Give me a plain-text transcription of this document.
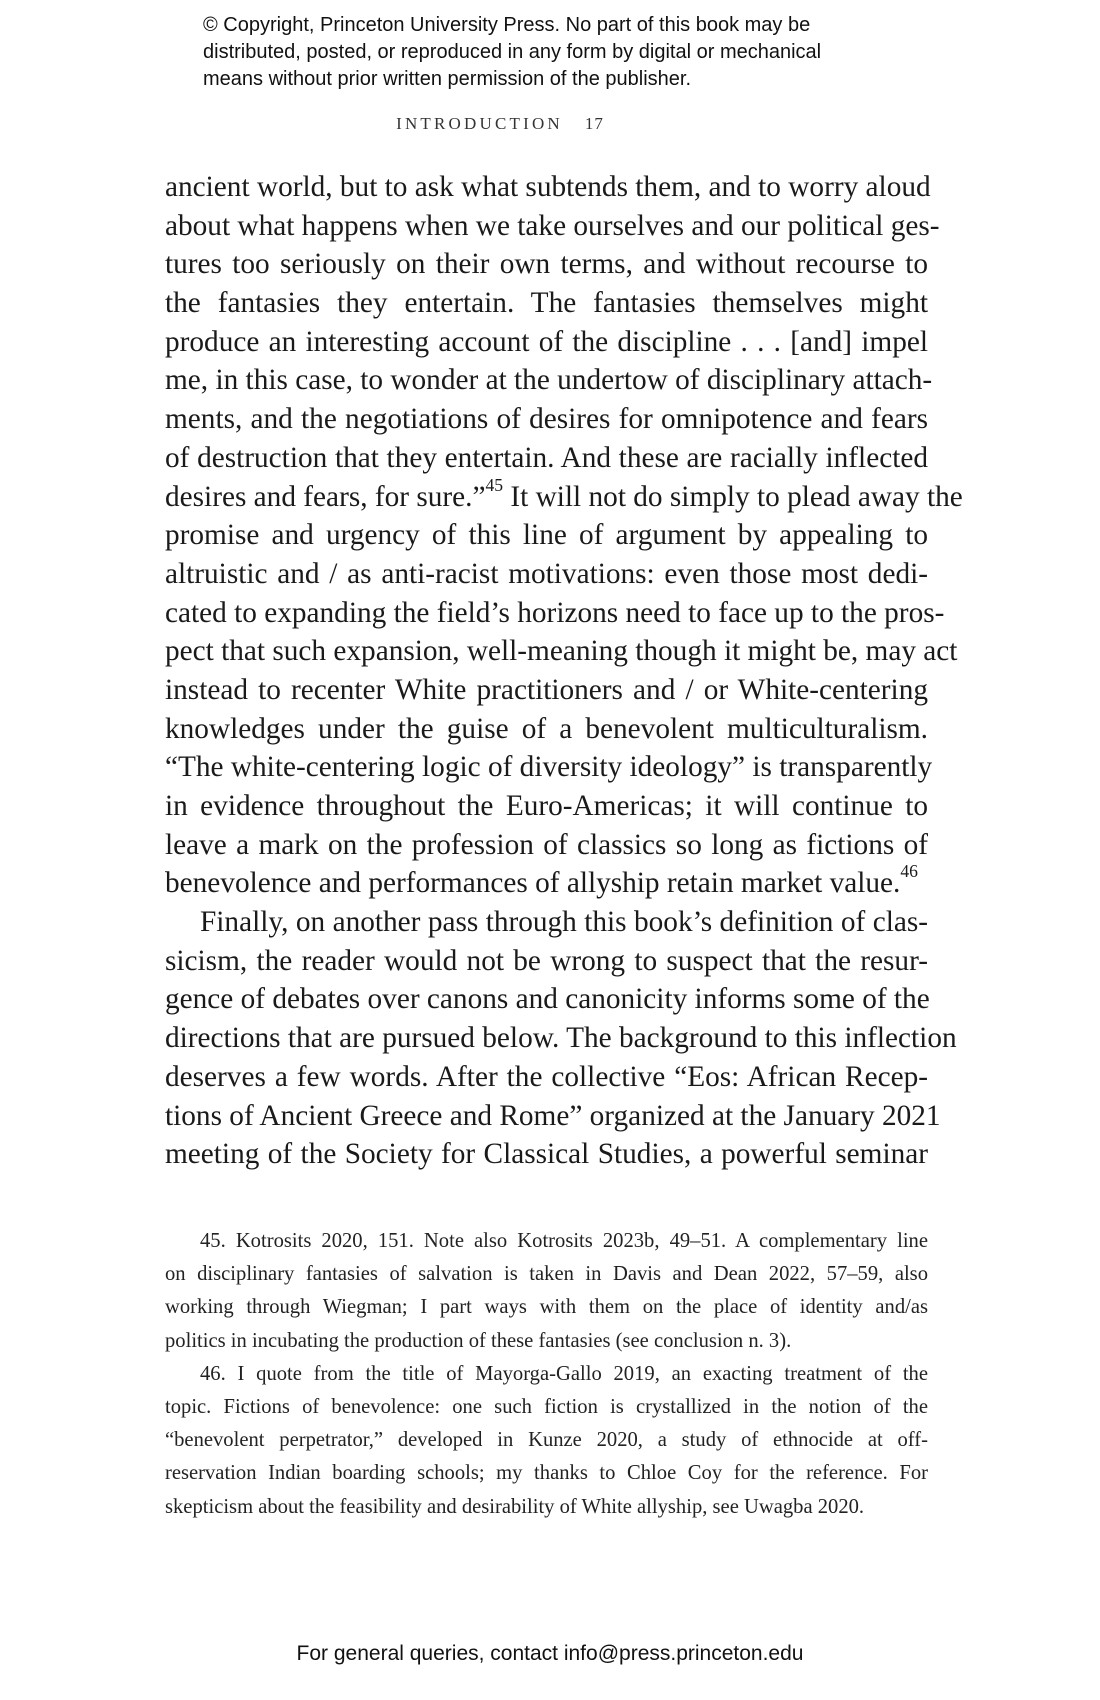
© Copyright, Princeton University Press. No part of this book may be
distributed, posted, or reproduced in any form by digital or mechanical
means without prior written permission of the publisher.
INTRODUCTION 17
ancient world, but to ask what subtends them, and to worry aloud
about what happens when we take ourselves and our political ges-
tures too seriously on their own terms, and without recourse to
the fantasies they entertain. The fantasies themselves might
produce an interesting account of the discipline . . . [and] impel
me, in this case, to wonder at the undertow of disciplinary attach-
ments, and the negotiations of desires for omnipotence and fears
of destruction that they entertain. And these are racially inflected
desires and fears, for sure.”$^{45}$ It will not do simply to plead away the
promise and urgency of this line of argument by appealing to
altruistic and / as anti-racist motivations: even those most dedi-
cated to expanding the field’s horizons need to face up to the pros-
pect that such expansion, well-meaning though it might be, may act
instead to recenter White practitioners and / or White-centering
knowledges under the guise of a benevolent multiculturalism.
“The white-centering logic of diversity ideology” is transparently
in evidence throughout the Euro-Americas; it will continue to
leave a mark on the profession of classics so long as fictions of
benevolence and performances of allyship retain market value.$^{46}$
Finally, on another pass through this book’s definition of clas-
sicism, the reader would not be wrong to suspect that the resur-
gence of debates over canons and canonicity informs some of the
directions that are pursued below. The background to this inflection
deserves a few words. After the collective “Eos: African Recep-
tions of Ancient Greece and Rome” organized at the January 2021
meeting of the Society for Classical Studies, a powerful seminar
45. Kotrosits 2020, 151. Note also Kotrosits 2023b, 49–51. A complementary line
on disciplinary fantasies of salvation is taken in Davis and Dean 2022, 57–59, also
working through Wiegman; I part ways with them on the place of identity and/as
politics in incubating the production of these fantasies (see conclusion n. 3).
46. I quote from the title of Mayorga-Gallo 2019, an exacting treatment of the
topic. Fictions of benevolence: one such fiction is crystallized in the notion of the
“benevolent perpetrator,” developed in Kunze 2020, a study of ethnocide at off-
reservation Indian boarding schools; my thanks to Chloe Coy for the reference. For
skepticism about the feasibility and desirability of White allyship, see Uwagba 2020.
For general queries, contact info@press.princeton.edu
